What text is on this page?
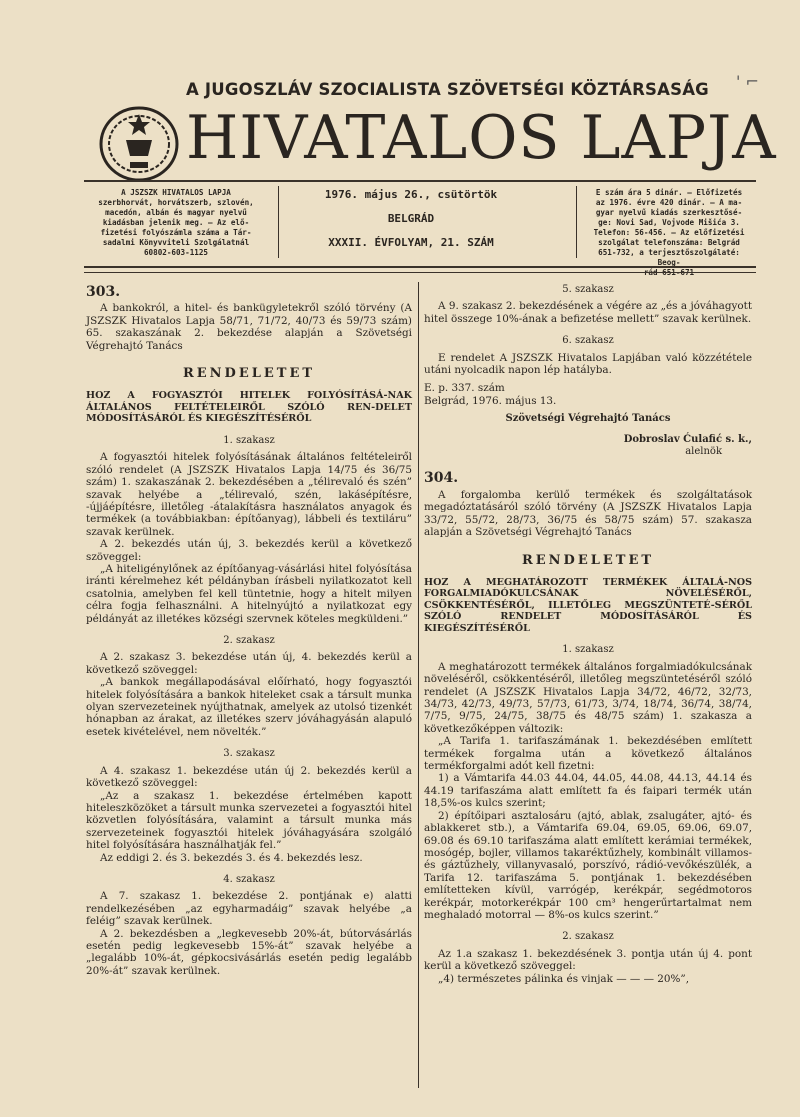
A JUGOSZLÁV SZOCIALISTA SZÖVETSÉGI KÖZTÁRSASÁG	' ⌐
HIVATALOS LAPJA
A JSZSZK HIVATALOS LAPJA
szerbhorvát, horvátszerb, szlovén,
macedón, albán és magyar nyelvű
kiadásban jelenik meg. — Az elő-
fizetési folyószámla száma a Tár-
sadalmi Könyvviteli Szolgálatnál
60802-603-1125
1976. május 26., csütörtök
BELGRÁD
XXXII. ÉVFOLYAM, 21. SZÁM
E szám ára 5 dinár. — Előfizetés
az 1976. évre 420 dinár. — A ma-
gyar nyelvű kiadás szerkesztősé-
ge: Novi Sad, Vojvode Mišića 3.
Telefon: 56-456. — Az előfizetési
szolgálat telefonszáma: Belgrád
651-732, a terjesztőszolgálaté: Beog-
rád 651-671
303.

A bankokról, a hitel- és bankügyletekről szóló törvény (A JSZSZK Hivatalos Lapja 58/71, 71/72, 40/73 és 59/73 szám) 65. szakaszának 2. bekezdése alapján a Szövetségi Végrehajtó Tanács

RENDELETET

HOZ A FOGYASZTÓI HITELEK FOLYÓSÍTÁSÁ-NAK ÁLTALÁNOS FELTÉTELEIRŐL SZÓLÓ REN-DELET MÓDOSÍTÁSÁRÓL ÉS KIEGÉSZÍTÉSÉRŐL

1. szakasz

A fogyasztói hitelek folyósításának általános feltételeiről szóló rendelet (A JSZSZK Hivatalos Lapja 14/75 és 36/75 szám) 1. szakaszának 2. bekezdésében a „télirevaló és szén” szavak helyébe a „télirevaló, szén, lakásépítésre, -újjáépítésre, illetőleg -átalakításra használatos anyagok és termékek (a továbbiakban: építőanyag), lábbeli és textiláru” szavak kerülnek.

A 2. bekezdés után új, 3. bekezdés kerül a következő szöveggel:

„A hiteligénylőnek az építőanyag-vásárlási hitel folyósítása iránti kérelmehez két példányban írásbeli nyilatkozatot kell csatolnia, amelyben fel kell tüntetnie, hogy a hitelt milyen célra fogja felhasználni. A hitelnyújtó a nyilatkozat egy példányát az illetékes községi szervnek köteles megküldeni.”

2. szakasz

A 2. szakasz 3. bekezdése után új, 4. bekezdés kerül a következő szöveggel:

„A bankok megállapodásával előírható, hogy fogyasztói hitelek folyósítására a bankok hiteleket csak a társult munka olyan szervezeteinek nyújthatnak, amelyek az utolsó tizenkét hónapban az árakat, az illetékes szerv jóváhagyásán alapuló esetek kivételével, nem növelték.”

3. szakasz

A 4. szakasz 1. bekezdése után új 2. bekezdés kerül a következő szöveggel:

„Az a szakasz 1. bekezdése értelmében kapott hiteleszközöket a társult munka szervezetei a fogyasztói hitel közvetlen folyósítására, valamint a társult munka más szervezeteinek fogyasztói hitelek jóváhagyására szolgáló hitel folyósítására használhatják fel.”

Az eddigi 2. és 3. bekezdés 3. és 4. bekezdés lesz.

4. szakasz

A 7. szakasz 1. bekezdése 2. pontjának e) alatti rendelkezésében „az egyharmadáig” szavak helyébe „a feléig” szavak kerülnek.

A 2. bekezdésben a „legkevesebb 20%-át, bútorvásárlás esetén pedig legkevesebb 15%-át” szavak helyébe a „legalább 10%-át, gépkocsivásárlás esetén pedig legalább 20%-át” szavak kerülnek.

5. szakasz

A 9. szakasz 2. bekezdésének a végére az „és a jóváhagyott hitel összege 10%-ának a befizetése mellett” szavak kerülnek.

6. szakasz

E rendelet A JSZSZK Hivatalos Lapjában való közzététele utáni nyolcadik napon lép hatályba.

E. p. 337. szám

Belgrád, 1976. május 13.

Szövetségi Végrehajtó Tanács
Dobroslav Ćulafić s. k.,
alelnök
304.

A forgalomba kerülő termékek és szolgáltatások megadóztatásáról szóló törvény (A JSZSZK Hivatalos Lapja 33/72, 55/72, 28/73, 36/75 és 58/75 szám) 57. szakasza alapján a Szövetségi Végrehajtó Tanács

RENDELETET

HOZ A MEGHATÁROZOTT TERMÉKEK ÁLTALÁ-NOS FORGALMIADÓKULCSÁNAK NÖVELÉSÉRŐL, CSÖKKENTÉSÉRŐL, ILLETŐLEG MEGSZÜNTETÉ-SÉRŐL SZÓLÓ RENDELET MÓDOSÍTÁSÁRÓL ÉS KIEGÉSZÍTÉSÉRŐL

1. szakasz

A meghatározott termékek általános forgalmiadókulcsának növeléséről, csökkentéséről, illetőleg megszüntetéséről szóló rendelet (A JSZSZK Hivatalos Lapja 34/72, 46/72, 32/73, 34/73, 42/73, 49/73, 57/73, 61/73, 3/74, 18/74, 36/74, 38/74, 7/75, 9/75, 24/75, 38/75 és 48/75 szám) 1. szakasza a következőképpen változik:

„A Tarifa 1. tarifaszámának 1. bekezdésében említett termékek forgalma után a következő általános termékforgalmi adót kell fizetni:

1) a Vámtarifa 44.03 44.04, 44.05, 44.08, 44.13, 44.14 és 44.19 tarifaszáma alatt említett fa és faipari termék után 18,5%-os kulcs szerint;

2) építőipari asztalosáru (ajtó, ablak, zsalugáter, ajtó- és ablakkeret stb.), a Vámtarifa 69.04, 69.05, 69.06, 69.07, 69.08 és 69.10 tarifaszáma alatt említett kerámiai termékek, mosógép, bojler, villamos takaréktűzhely, kombinált villamos- és gáztűzhely, villanyvasaló, porszívó, rádió-vevőkészülék, a Tarifa 12. tarifaszáma 5. pontjának 1. bekezdésében említetteken kívül, varrógép, kerékpár, segédmotoros kerékpár, motorkerékpár 100 cm³ hengerűrtartalmat nem meghaladó motorral — 8%-os kulcs szerint.”

2. szakasz

Az 1.a szakasz 1. bekezdésének 3. pontja után új 4. pont kerül a következő szöveggel:

„4) természetes pálinka és vinjak — — — 20%”,
